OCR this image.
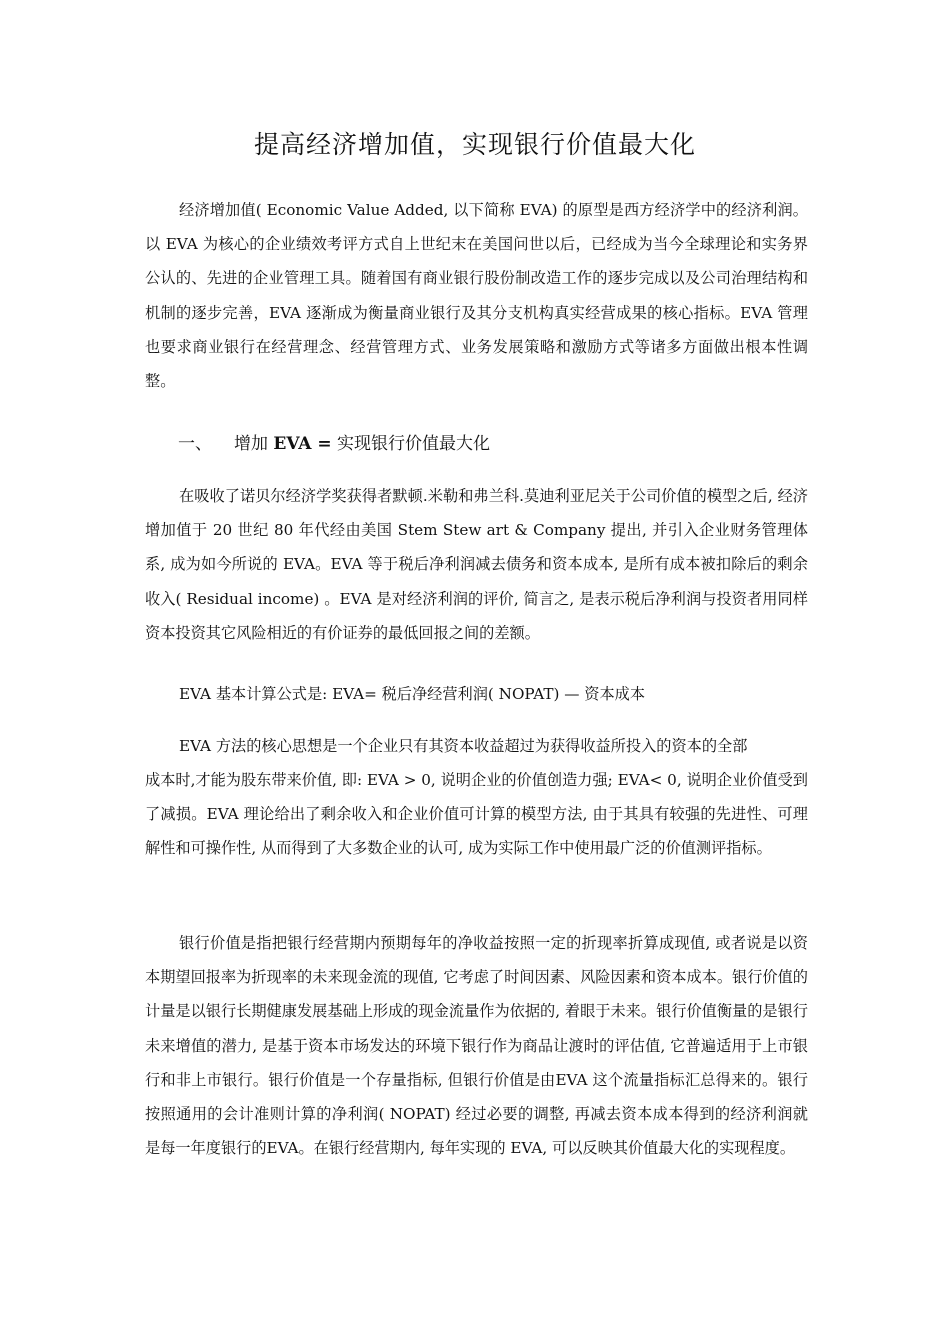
提高经济增加值，实现银行价值最大化

经济增加值( Economic Value Added, 以下简称 EVA) 的原型是西方经济学中的经济利润。以 EVA 为核心的企业绩效考评方式自上世纪末在美国问世以后，已经成为当今全球理论和实务界公认的、先进的企业管理工具。随着国有商业银行股份制改造工作的逐步完成以及公司治理结构和机制的逐步完善，EVA 逐渐成为衡量商业银行及其分支机构真实经营成果的核心指标。EVA 管理也要求商业银行在经营理念、经营管理方式、业务发展策略和激励方式等诸多方面做出根本性调整。

一、 增加 EVA = 实现银行价值最大化

在吸收了诺贝尔经济学奖获得者默顿.米勒和弗兰科.莫迪利亚尼关于公司价值的模型之后, 经济增加值于 20 世纪 80 年代经由美国 Stem Stew art & Company 提出, 并引入企业财务管理体系, 成为如今所说的 EVA。EVA 等于税后净利润减去债务和资本成本, 是所有成本被扣除后的剩余收入( Residual income) 。EVA 是对经济利润的评价, 简言之, 是表示税后净利润与投资者用同样资本投资其它风险相近的有价证券的最低回报之间的差额。

EVA 基本计算公式是: EVA= 税后净经营利润( NOPAT) — 资本成本

EVA 方法的核心思想是一个企业只有其资本收益超过为获得收益所投入的资本的全部

成本时,才能为股东带来价值, 即: EVA > 0, 说明企业的价值创造力强; EVA< 0, 说明企业价值受到了减损。EVA 理论给出了剩余收入和企业价值可计算的模型方法, 由于其具有较强的先进性、可理解性和可操作性, 从而得到了大多数企业的认可, 成为实际工作中使用最广泛的价值测评指标。

银行价值是指把银行经营期内预期每年的净收益按照一定的折现率折算成现值, 或者说是以资本期望回报率为折现率的未来现金流的现值, 它考虑了时间因素、风险因素和资本成本。银行价值的计量是以银行长期健康发展基础上形成的现金流量作为依据的, 着眼于未来。银行价值衡量的是银行未来增值的潜力, 是基于资本市场发达的环境下银行作为商品让渡时的评估值, 它普遍适用于上市银行和非上市银行。银行价值是一个存量指标, 但银行价值是由EVA 这个流量指标汇总得来的。银行按照通用的会计准则计算的净利润( NOPAT) 经过必要的调整, 再减去资本成本得到的经济利润就是每一年度银行的EVA。在银行经营期内, 每年实现的 EVA, 可以反映其价值最大化的实现程度。
